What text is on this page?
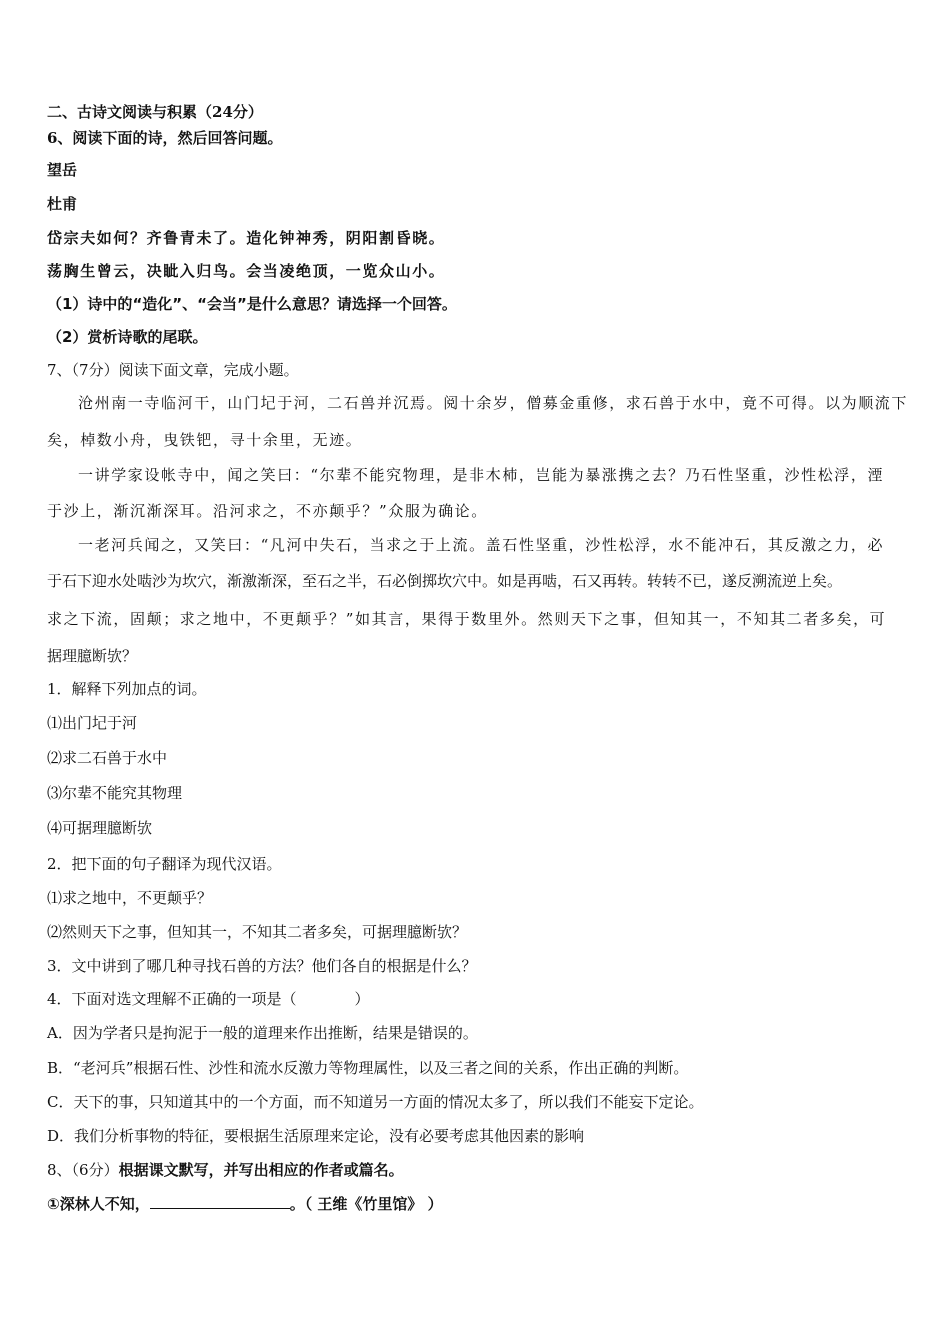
二、古诗文阅读与积累（24分）
6、阅读下面的诗，然后回答问题。
望岳
杜甫
岱宗夫如何？齐鲁青未了。造化钟神秀，阴阳割昏晓。
荡胸生曾云，决眦入归鸟。会当凌绝顶，一览众山小。
（1）诗中的“造化”、“会当”是什么意思？请选择一个回答。
（2）赏析诗歌的尾联。
7、（7分）阅读下面文章，完成小题。
沧州南一寺临河干，山门圮于河，二石兽并沉焉。阅十余岁，僧募金重修，求石兽于水中，竟不可得。以为顺流下
矣，棹数小舟，曳铁钯，寻十余里，无迹。
一讲学家设帐寺中，闻之笑曰：“尔辈不能究物理，是非木杮，岂能为暴涨携之去？乃石性坚重，沙性松浮，湮
于沙上，渐沉渐深耳。沿河求之，不亦颠乎？”众服为确论。
一老河兵闻之，又笑曰：“凡河中失石，当求之于上流。盖石性坚重，沙性松浮，水不能冲石，其反激之力，必
于石下迎水处啮沙为坎穴，渐激渐深，至石之半，石必倒掷坎穴中。如是再啮，石又再转。转转不已，遂反溯流逆上矣。
求之下流，固颠；求之地中，不更颠乎？”如其言，果得于数里外。然则天下之事，但知其一，不知其二者多矣，可
据理臆断欤？
1．解释下列加点的词。
⑴出门圮于河
⑵求二石兽于水中
⑶尔辈不能究其物理
⑷可据理臆断欤
2．把下面的句子翻译为现代汉语。
⑴求之地中，不更颠乎？
⑵然则天下之事，但知其一，不知其二者多矣，可据理臆断欤？
3．文中讲到了哪几种寻找石兽的方法？他们各自的根据是什么？
4．下面对选文理解不正确的一项是（	）
A．因为学者只是拘泥于一般的道理来作出推断，结果是错误的。
B．“老河兵”根据石性、沙性和流水反激力等物理属性，以及三者之间的关系，作出正确的判断。
C．天下的事，只知道其中的一个方面，而不知道另一方面的情况太多了，所以我们不能妄下定论。
D．我们分析事物的特征，要根据生活原理来定论，没有必要考虑其他因素的影响
8、（6分）根据课文默写，并写出相应的作者或篇名。
①深林人不知，	。（ 王维《竹里馆》 ）
